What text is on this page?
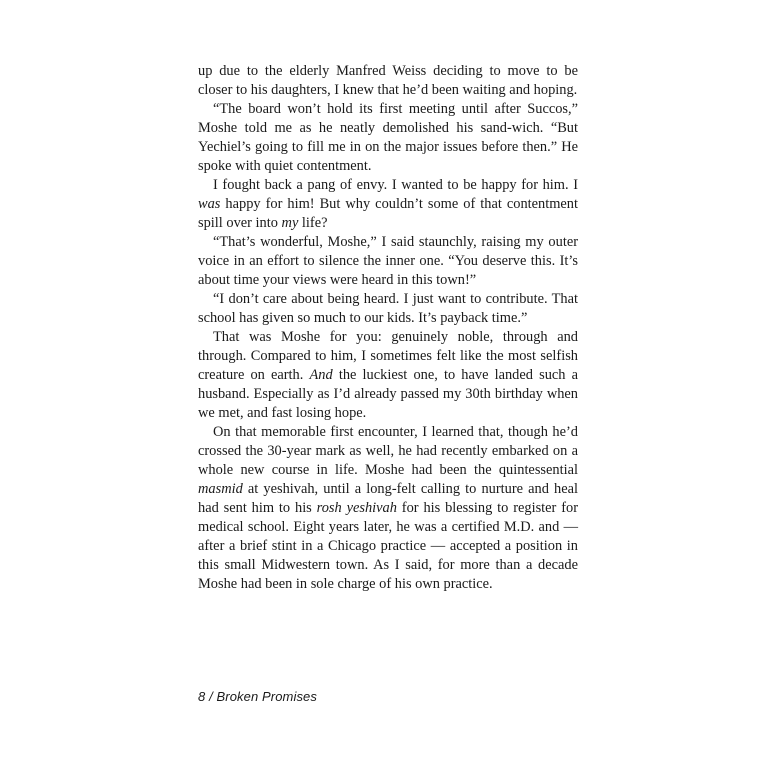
up due to the elderly Manfred Weiss deciding to move to be closer to his daughters, I knew that he’d been waiting and hoping.

“The board won’t hold its first meeting until after Succos,” Moshe told me as he neatly demolished his sand-wich. “But Yechiel’s going to fill me in on the major issues before then.” He spoke with quiet contentment.

I fought back a pang of envy. I wanted to be happy for him. I was happy for him! But why couldn’t some of that contentment spill over into my life?

“That’s wonderful, Moshe,” I said staunchly, raising my outer voice in an effort to silence the inner one. “You deserve this. It’s about time your views were heard in this town!”

“I don’t care about being heard. I just want to contribute. That school has given so much to our kids. It’s payback time.”

That was Moshe for you: genuinely noble, through and through. Compared to him, I sometimes felt like the most selfish creature on earth. And the luckiest one, to have landed such a husband. Especially as I’d already passed my 30th birthday when we met, and fast losing hope.

On that memorable first encounter, I learned that, though he’d crossed the 30-year mark as well, he had recently embarked on a whole new course in life. Moshe had been the quintessential masmid at yeshivah, until a long-felt calling to nurture and heal had sent him to his rosh yeshivah for his blessing to register for medical school. Eight years later, he was a certified M.D. and — after a brief stint in a Chicago practice — accepted a position in this small Midwestern town. As I said, for more than a decade Moshe had been in sole charge of his own practice.

8 / Broken Promises
